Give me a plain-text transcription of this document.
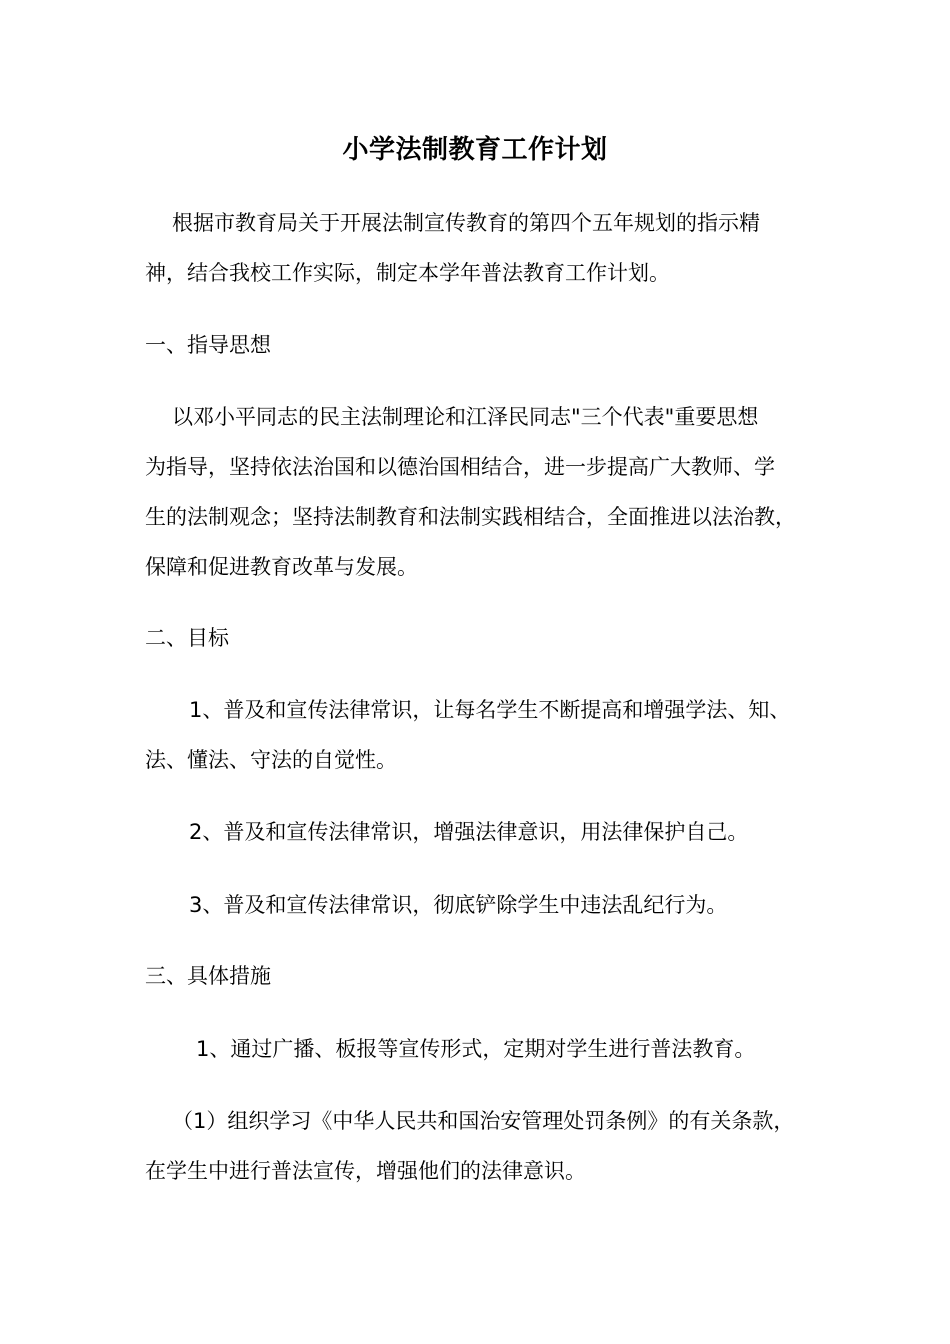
小学法制教育工作计划
根据市教育局关于开展法制宣传教育的第四个五年规划的指示精
神，结合我校工作实际，制定本学年普法教育工作计划。
一、指导思想
以邓小平同志的民主法制理论和江泽民同志"三个代表"重要思想
为指导，坚持依法治国和以德治国相结合，进一步提高广大教师、学
生的法制观念；坚持法制教育和法制实践相结合，全面推进以法治教，
保障和促进教育改革与发展。
二、目标
1、普及和宣传法律常识，让每名学生不断提高和增强学法、知、
法、懂法、守法的自觉性。
2、普及和宣传法律常识，增强法律意识，用法律保护自己。
3、普及和宣传法律常识，彻底铲除学生中违法乱纪行为。
三、具体措施
1、通过广播、板报等宣传形式，定期对学生进行普法教育。
（1）组织学习《中华人民共和国治安管理处罚条例》的有关条款，
在学生中进行普法宣传，增强他们的法律意识。
